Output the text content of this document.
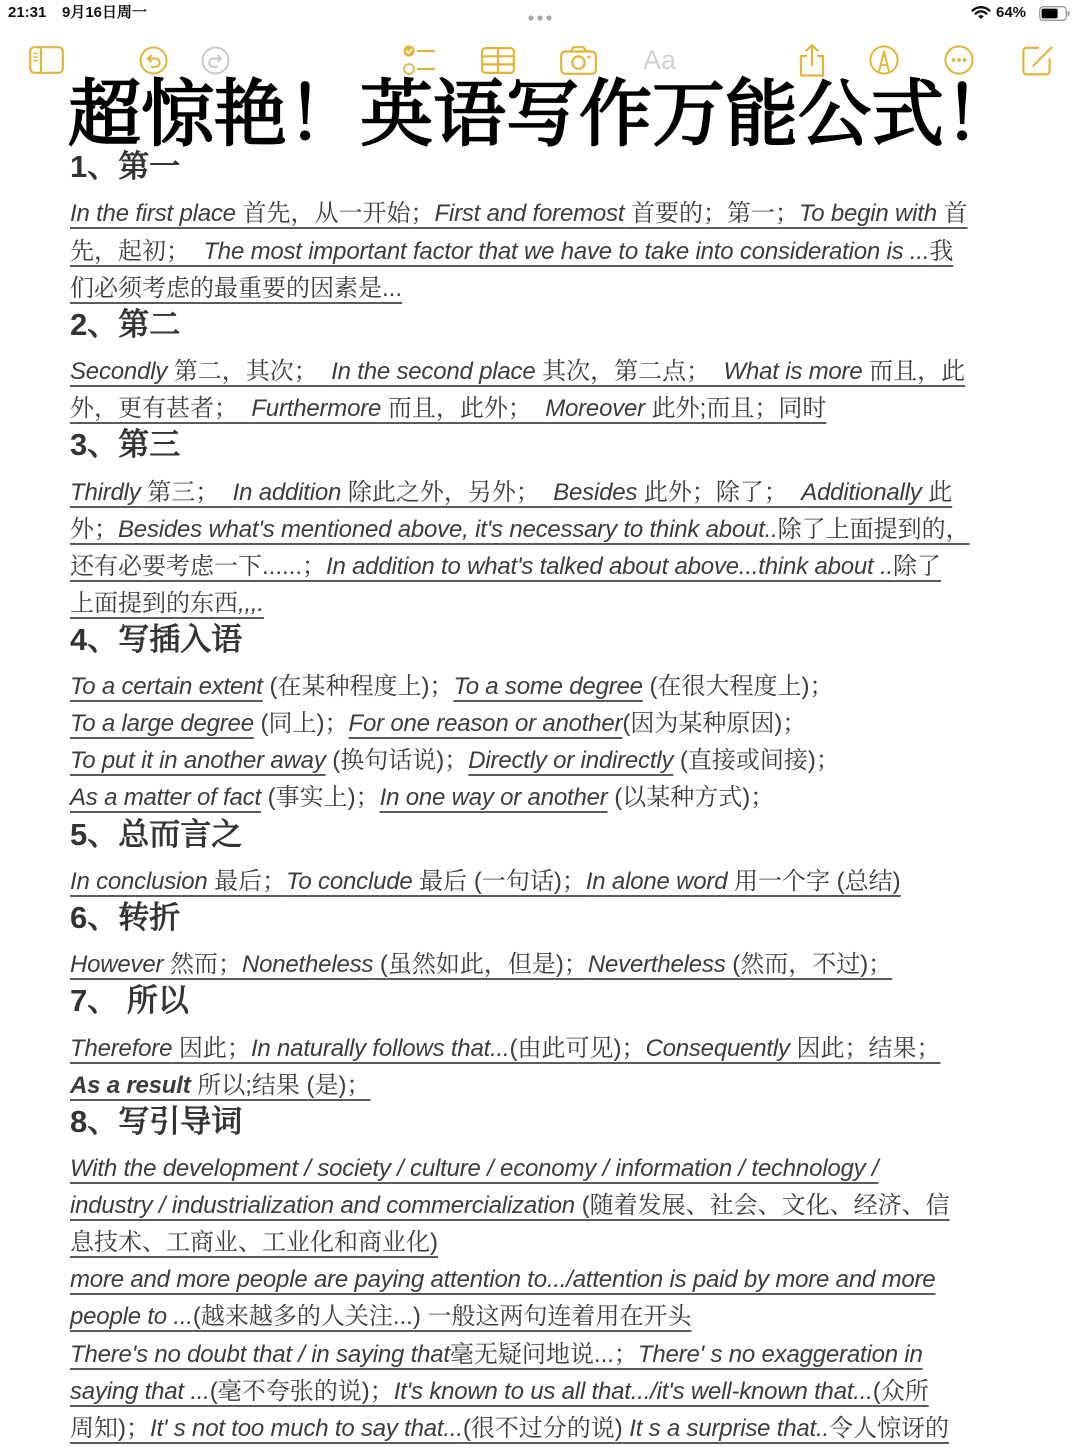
21:31 9月16日周一	64%
Aa
超惊艳！英语写作万能公式！
1、第一
In the first place 首先，从一开始；First and foremost 首要的；第一；To begin with 首
先，起初；  The most important factor that we have to take into consideration is ...我
们必须考虑的最重要的因素是...
2、第二
Secondly 第二，其次；  In the second place 其次，第二点；  What is more 而且，此
外，更有甚者；  Furthermore 而且，此外；  Moreover 此外;而且；同时
3、第三
Thirdly 第三；  In addition 除此之外，另外；  Besides 此外；除了；  Additionally 此
外；Besides what's mentioned above, it's necessary to think about..除了上面提到的，
还有必要考虑一下......；In addition to what's talked about above...think about ..除了
上面提到的东西,,,.
4、写插入语
To a certain extent (在某种程度上)；To a some degree (在很大程度上)；
To a large degree (同上)；For one reason or another(因为某种原因)；
To put it in another away (换句话说)；Directly or indirectly (直接或间接)；
As a matter of fact (事实上)；In one way or another (以某种方式)；
5、总而言之
In conclusion 最后；To conclude 最后 (一句话)；In alone word 用一个字 (总结)
6、转折
However 然而；Nonetheless (虽然如此，但是)；Nevertheless (然而，不过)；
7、 所以
Therefore 因此；In naturally follows that...(由此可见)；Consequently 因此；结果；
As a result 所以;结果 (是)；
8、写引导词
With the development / society / culture / economy / information / technology /
industry / industrialization and commercialization (随着发展、社会、文化、经济、信
息技术、工商业、工业化和商业化)
more and more people are paying attention to.../attention is paid by more and more
people to ...(越来越多的人关注...) 一般这两句连着用在开头
There's no doubt that / in saying that毫无疑问地说...；There' s no exaggeration in
saying that ...(毫不夸张的说)；It's known to us all that.../it's well-known that...(众所
周知)；It' s not too much to say that...(很不过分的说) It s a surprise that..令人惊讶的
